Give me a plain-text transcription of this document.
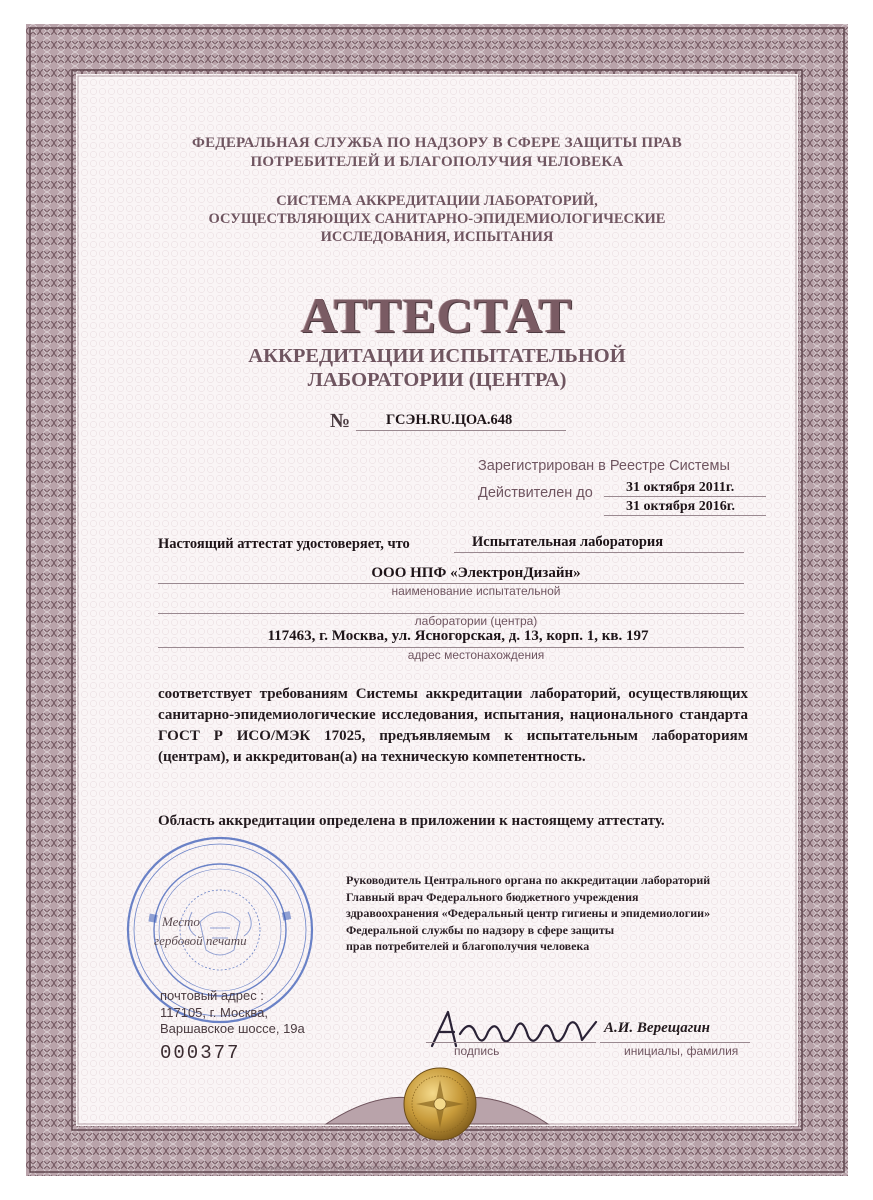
ФЕДЕРАЛЬНАЯ СЛУЖБА ПО НАДЗОРУ В СФЕРЕ ЗАЩИТЫ ПРАВ
ПОТРЕБИТЕЛЕЙ И БЛАГОПОЛУЧИЯ ЧЕЛОВЕКА
СИСТЕМА АККРЕДИТАЦИИ ЛАБОРАТОРИЙ,
ОСУЩЕСТВЛЯЮЩИХ САНИТАРНО-ЭПИДЕМИОЛОГИЧЕСКИЕ
ИССЛЕДОВАНИЯ, ИСПЫТАНИЯ
АТТЕСТАТ
АККРЕДИТАЦИИ ИСПЫТАТЕЛЬНОЙ
ЛАБОРАТОРИИ (ЦЕНТРА)
№ ГСЭН.RU.ЦОА.648
Зарегистрирован в Реестре Системы
Действителен до 31 октября 2011г.
31 октября 2016г.
Настоящий аттестат удостоверяет, что	Испытательная лаборатория
ООО НПФ «ЭлектронДизайн»
наименование испытательной
лаборатории (центра)
117463, г. Москва, ул. Ясногорская, д. 13, корп. 1, кв. 197
адрес местонахождения
соответствует требованиям Системы аккредитации лабораторий, осуществляющих санитарно-эпидемиологические исследования, испытания, национального стандарта ГОСТ Р ИСО/МЭК 17025, предъявляемым к испытательным лабораториям (центрам), и аккредитован(а) на техническую компетентность.
Область аккредитации определена в приложении к настоящему аттестату.
Место
гербовой печати
Руководитель Центрального органа по аккредитации лабораторий
Главный врач Федерального бюджетного учреждения
здравоохранения «Федеральный центр гигиены и эпидемиологии»
Федеральной службы по надзору в сфере защиты
прав потребителей и благополучия человека
почтовый адрес :
117105, г. Москва,
Варшавское шоссе, 19а
000377
А.И. Верещагин
подпись	инициалы, фамилия
Бланк изготовлен ЗАО «Опцион» (лиц. № 05-05-09/003 ФНС РФ) уровень В, счет 30934 от 10.08.2011 г. Тел.: (495) 726-47-42, г.Москва, 2011 г. www.opcion.ru
